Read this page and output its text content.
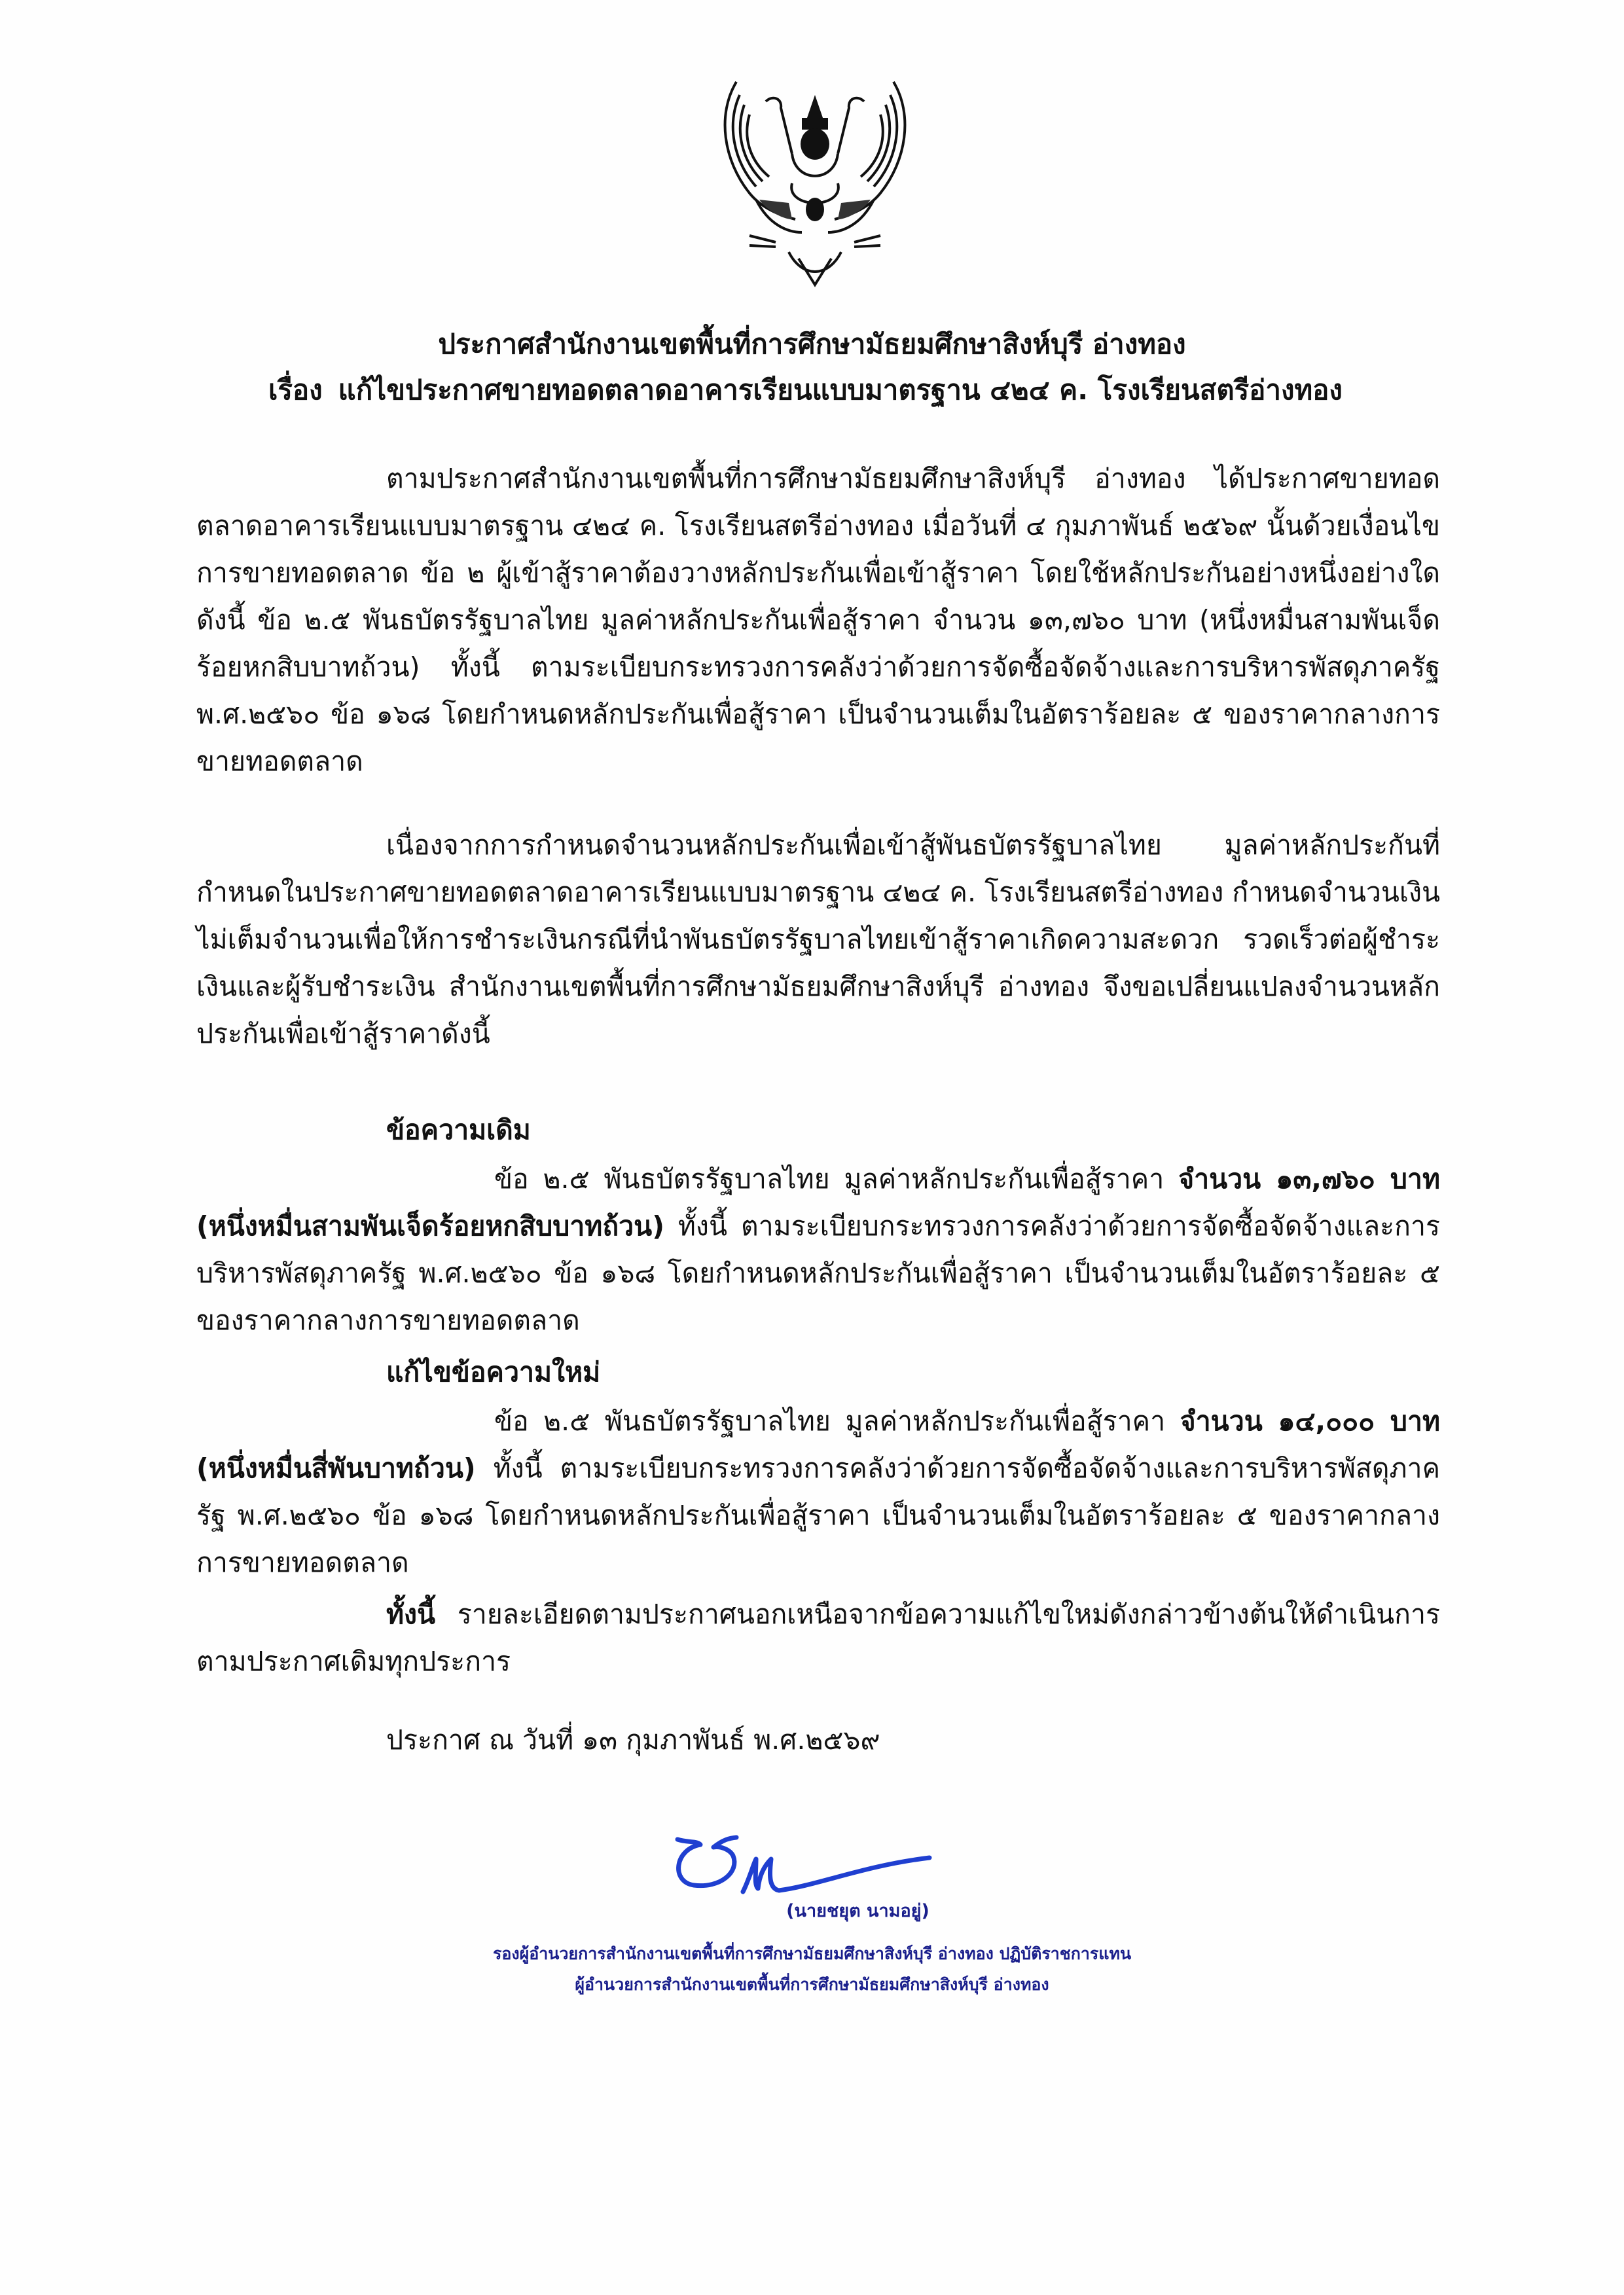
ประกาศสำนักงานเขตพื้นที่การศึกษามัธยมศึกษาสิงห์บุรี อ่างทอง
เรื่อง แก้ไขประกาศขายทอดตลาดอาคารเรียนแบบมาตรฐาน ๔๒๔ ค. โรงเรียนสตรีอ่างทอง

ตามประกาศสำนักงานเขตพื้นที่การศึกษามัธยมศึกษาสิงห์บุรี อ่างทอง ได้ประกาศขายทอดตลาดอาคารเรียนแบบมาตรฐาน ๔๒๔ ค. โรงเรียนสตรีอ่างทอง เมื่อวันที่ ๔ กุมภาพันธ์ ๒๕๖๙ นั้นด้วยเงื่อนไขการขายทอดตลาด ข้อ ๒ ผู้เข้าสู้ราคาต้องวางหลักประกันเพื่อเข้าสู้ราคา โดยใช้หลักประกันอย่างหนึ่งอย่างใด ดังนี้ ข้อ ๒.๕ พันธบัตรรัฐบาลไทย มูลค่าหลักประกันเพื่อสู้ราคา จำนวน ๑๓,๗๖๐ บาท (หนึ่งหมื่นสามพันเจ็ดร้อยหกสิบบาทถ้วน) ทั้งนี้ ตามระเบียบกระทรวงการคลังว่าด้วยการจัดซื้อจัดจ้างและการบริหารพัสดุภาครัฐ พ.ศ.๒๕๖๐ ข้อ ๑๖๘ โดยกำหนดหลักประกันเพื่อสู้ราคา เป็นจำนวนเต็มในอัตราร้อยละ ๕ ของราคากลางการขายทอดตลาด

เนื่องจากการกำหนดจำนวนหลักประกันเพื่อเข้าสู้พันธบัตรรัฐบาลไทย มูลค่าหลักประกันที่กำหนดในประกาศขายทอดตลาดอาคารเรียนแบบมาตรฐาน ๔๒๔ ค. โรงเรียนสตรีอ่างทอง กำหนดจำนวนเงินไม่เต็มจำนวนเพื่อให้การชำระเงินกรณีที่นำพันธบัตรรัฐบาลไทยเข้าสู้ราคาเกิดความสะดวก รวดเร็วต่อผู้ชำระเงินและผู้รับชำระเงิน สำนักงานเขตพื้นที่การศึกษามัธยมศึกษาสิงห์บุรี อ่างทอง จึงขอเปลี่ยนแปลงจำนวนหลักประกันเพื่อเข้าสู้ราคาดังนี้

ข้อความเดิม

ข้อ ๒.๕ พันธบัตรรัฐบาลไทย มูลค่าหลักประกันเพื่อสู้ราคา จำนวน ๑๓,๗๖๐ บาท (หนึ่งหมื่นสามพันเจ็ดร้อยหกสิบบาทถ้วน) ทั้งนี้ ตามระเบียบกระทรวงการคลังว่าด้วยการจัดซื้อจัดจ้างและการบริหารพัสดุภาครัฐ พ.ศ.๒๕๖๐ ข้อ ๑๖๘ โดยกำหนดหลักประกันเพื่อสู้ราคา เป็นจำนวนเต็มในอัตราร้อยละ ๕ ของราคากลางการขายทอดตลาด

แก้ไขข้อความใหม่

ข้อ ๒.๕ พันธบัตรรัฐบาลไทย มูลค่าหลักประกันเพื่อสู้ราคา จำนวน ๑๔,๐๐๐ บาท (หนึ่งหมื่นสี่พันบาทถ้วน) ทั้งนี้ ตามระเบียบกระทรวงการคลังว่าด้วยการจัดซื้อจัดจ้างและการบริหารพัสดุภาครัฐ พ.ศ.๒๕๖๐ ข้อ ๑๖๘ โดยกำหนดหลักประกันเพื่อสู้ราคา เป็นจำนวนเต็มในอัตราร้อยละ ๕ ของราคากลางการขายทอดตลาด

ทั้งนี้ รายละเอียดตามประกาศนอกเหนือจากข้อความแก้ไขใหม่ดังกล่าวข้างต้นให้ดำเนินการตามประกาศเดิมทุกประการ

ประกาศ ณ วันที่ ๑๓ กุมภาพันธ์ พ.ศ.๒๕๖๙
(นายชยุต นามอยู่)
รองผู้อำนวยการสำนักงานเขตพื้นที่การศึกษามัธยมศึกษาสิงห์บุรี อ่างทอง ปฏิบัติราชการแทน
ผู้อำนวยการสำนักงานเขตพื้นที่การศึกษามัธยมศึกษาสิงห์บุรี อ่างทอง
